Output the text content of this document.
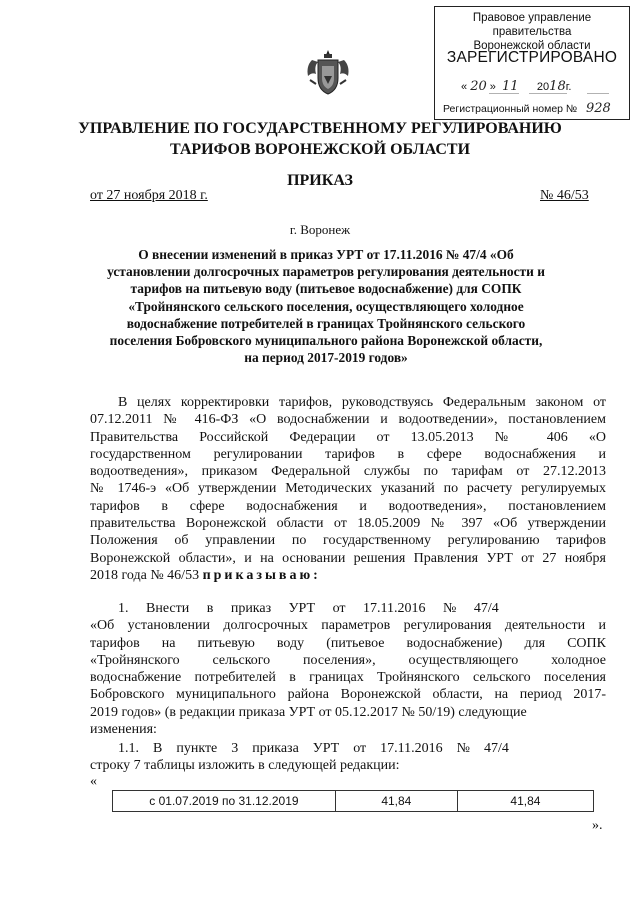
Правовое управление правительства
Воронежской области
ЗАРЕГИСТРИРОВАНО
« 20 »  11 2018г.
Регистрационный номер № 928
УПРАВЛЕНИЕ ПО ГОСУДАРСТВЕННОМУ РЕГУЛИРОВАНИЮ
ТАРИФОВ ВОРОНЕЖСКОЙ ОБЛАСТИ
ПРИКАЗ
от 27 ноября 2018 г.	№ 46/53
г. Воронеж
О внесении изменений в приказ УРТ от 17.11.2016 № 47/4 «Об
установлении долгосрочных параметров регулирования деятельности и
тарифов на питьевую воду (питьевое водоснабжение) для СОПК
«Тройнянского сельского поселения, осуществляющего холодное
водоснабжение потребителей в границах Тройнянского сельского
поселения Бобровского муниципального района Воронежской области,
на период 2017-2019 годов»
В целях корректировки тарифов, руководствуясь Федеральным законом от
07.12.2011 № 416-ФЗ «О водоснабжении и водоотведении», постановлением
Правительства Российской Федерации от 13.05.2013 № 406 «О
государственном регулировании тарифов в сфере водоснабжения и
водоотведения», приказом Федеральной службы по тарифам от 27.12.2013
№ 1746-э «Об утверждении Методических указаний по расчету регулируемых
тарифов в сфере водоснабжения и водоотведения», постановлением
правительства Воронежской области от 18.05.2009 № 397 «Об утверждении
Положения об управлении по государственному регулированию тарифов
Воронежской области», и на основании решения Правления УРТ от 27 ноября
2018 года № 46/53 приказываю:
1.     Внести     в     приказ     УРТ     от     17.11.2016     №     47/4
«Об установлении долгосрочных параметров регулирования деятельности и
тарифов на питьевую воду (питьевое водоснабжение) для СОПК
«Тройнянского сельского поселения», осуществляющего холодное
водоснабжение потребителей в границах Тройнянского сельского поселения
Бобровского муниципального района Воронежской области, на период 2017-
2019 годов» (в редакции приказа УРТ от 05.12.2017 № 50/19) следующие
изменения:
1.1.    В    пункте    3    приказа    УРТ    от    17.11.2016    №    47/4
строку 7 таблицы изложить в следующей редакции:
«
с 01.07.2019 по 31.12.2019	41,84	41,84
».
